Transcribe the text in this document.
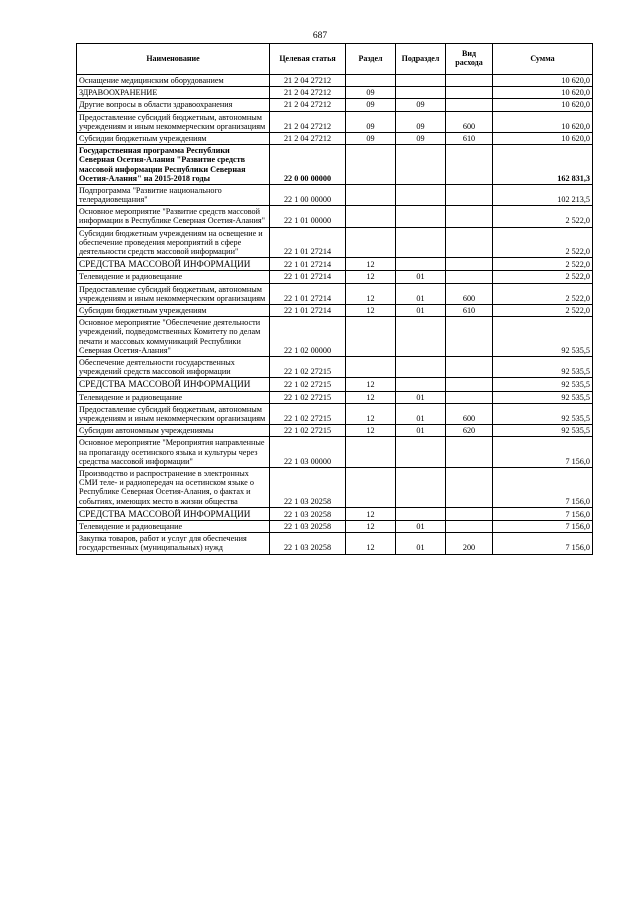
687
Наименование	Целевая статья	Раздел	Подраздел	Вид расхода	Сумма
Оснащение медицинским оборудованием	21 2 04 27212				10 620,0
ЗДРАВООХРАНЕНИЕ	21 2 04 27212	09			10 620,0
Другие вопросы в области здравоохранения	21 2 04 27212	09	09		10 620,0
Предоставление субсидий бюджетным, автономным учреждениям и иным некоммерческим организациям	21 2 04 27212	09	09	600	10 620,0
Субсидии бюджетным учреждениям	21 2 04 27212	09	09	610	10 620,0
Государственная программа Республики Северная Осетия-Алания "Развитие средств массовой информации Республики Северная Осетия-Алания" на 2015-2018 годы	22 0 00 00000				162 831,3
Подпрограмма "Развитие национального телерадиовещания"	22 1 00 00000				102 213,5
Основное мероприятие "Развитие средств массовой информации в Республике Северная Осетия-Алания"	22 1 01 00000				2 522,0
Субсидии бюджетным учреждениям на освещение и обеспечение проведения мероприятий в сфере деятельности средств массовой информации"	22 1 01 27214				2 522,0
СРЕДСТВА МАССОВОЙ ИНФОРМАЦИИ	22 1 01 27214	12			2 522,0
Телевидение и радиовещание	22 1 01 27214	12	01		2 522,0
Предоставление субсидий бюджетным, автономным учреждениям и иным некоммерческим организациям	22 1 01 27214	12	01	600	2 522,0
Субсидии бюджетным учреждениям	22 1 01 27214	12	01	610	2 522,0
Основное мероприятие "Обеспечение деятельности учреждений, подведомственных Комитету по делам печати и массовых коммуникаций Республики Северная Осетия-Алания"	22 1 02 00000				92 535,5
Обеспечение деятельности государственных учреждений средств массовой информации	22 1 02 27215				92 535,5
СРЕДСТВА МАССОВОЙ ИНФОРМАЦИИ	22 1 02 27215	12			92 535,5
Телевидение и радиовещание	22 1 02 27215	12	01		92 535,5
Предоставление субсидий бюджетным, автономным учреждениям и иным некоммерческим организациям	22 1 02 27215	12	01	600	92 535,5
Субсидии автономным учреждениямы	22 1 02 27215	12	01	620	92 535,5
Основное мероприятие "Мероприятия направленные на пропаганду осетинского языка и культуры через средства массовой информации"	22 1 03 00000				7 156,0
Производство и распространение в электронных СМИ теле- и радиопередач на осетинском языке о Республике Северная Осетия-Алания, о фактах и событиях, имеющих место в жизни общества	22 1 03 20258				7 156,0
СРЕДСТВА МАССОВОЙ ИНФОРМАЦИИ	22 1 03 20258	12			7 156,0
Телевидение и радиовещание	22 1 03 20258	12	01		7 156,0
Закупка товаров, работ и услуг для обеспечения государственных (муниципальных) нужд	22 1 03 20258	12	01	200	7 156,0
